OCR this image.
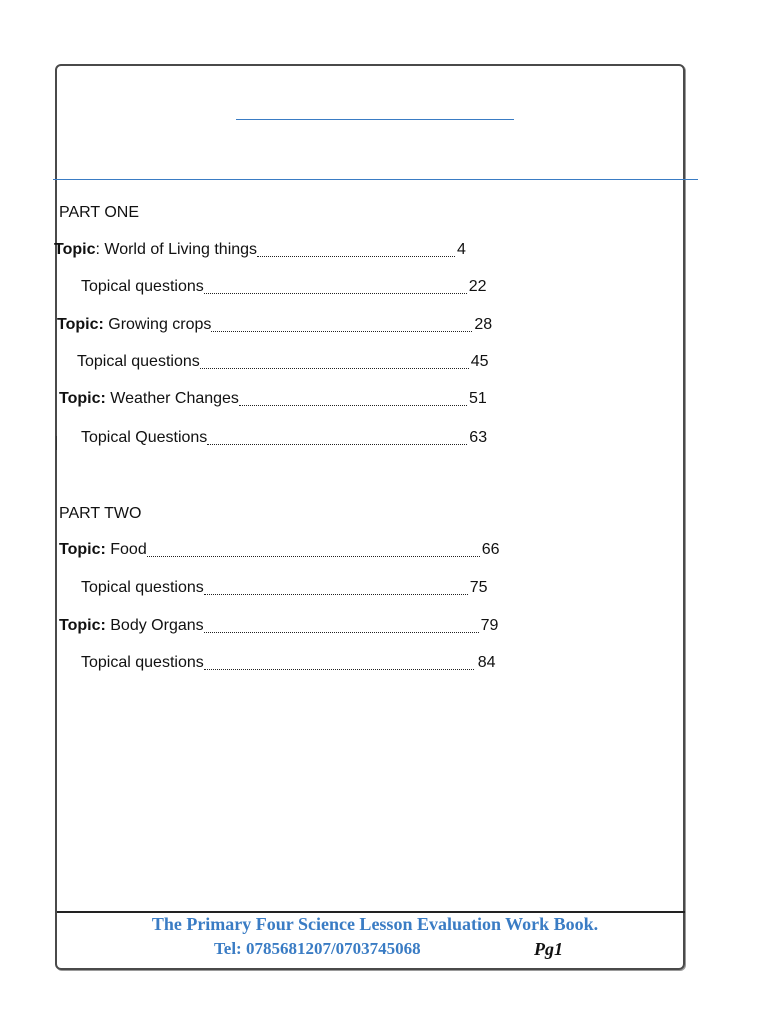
PART ONE
Topic: World of Living things	4
Topical questions	22
Topic: Growing crops	28
Topical questions	45
Topic: Weather Changes	51
Topical Questions	63
PART TWO
Topic: Food	66
Topical questions	75
Topic: Body Organs	79
Topical questions	84
The Primary Four Science Lesson Evaluation Work Book.
Tel: 0785681207/0703745068	Pg1
